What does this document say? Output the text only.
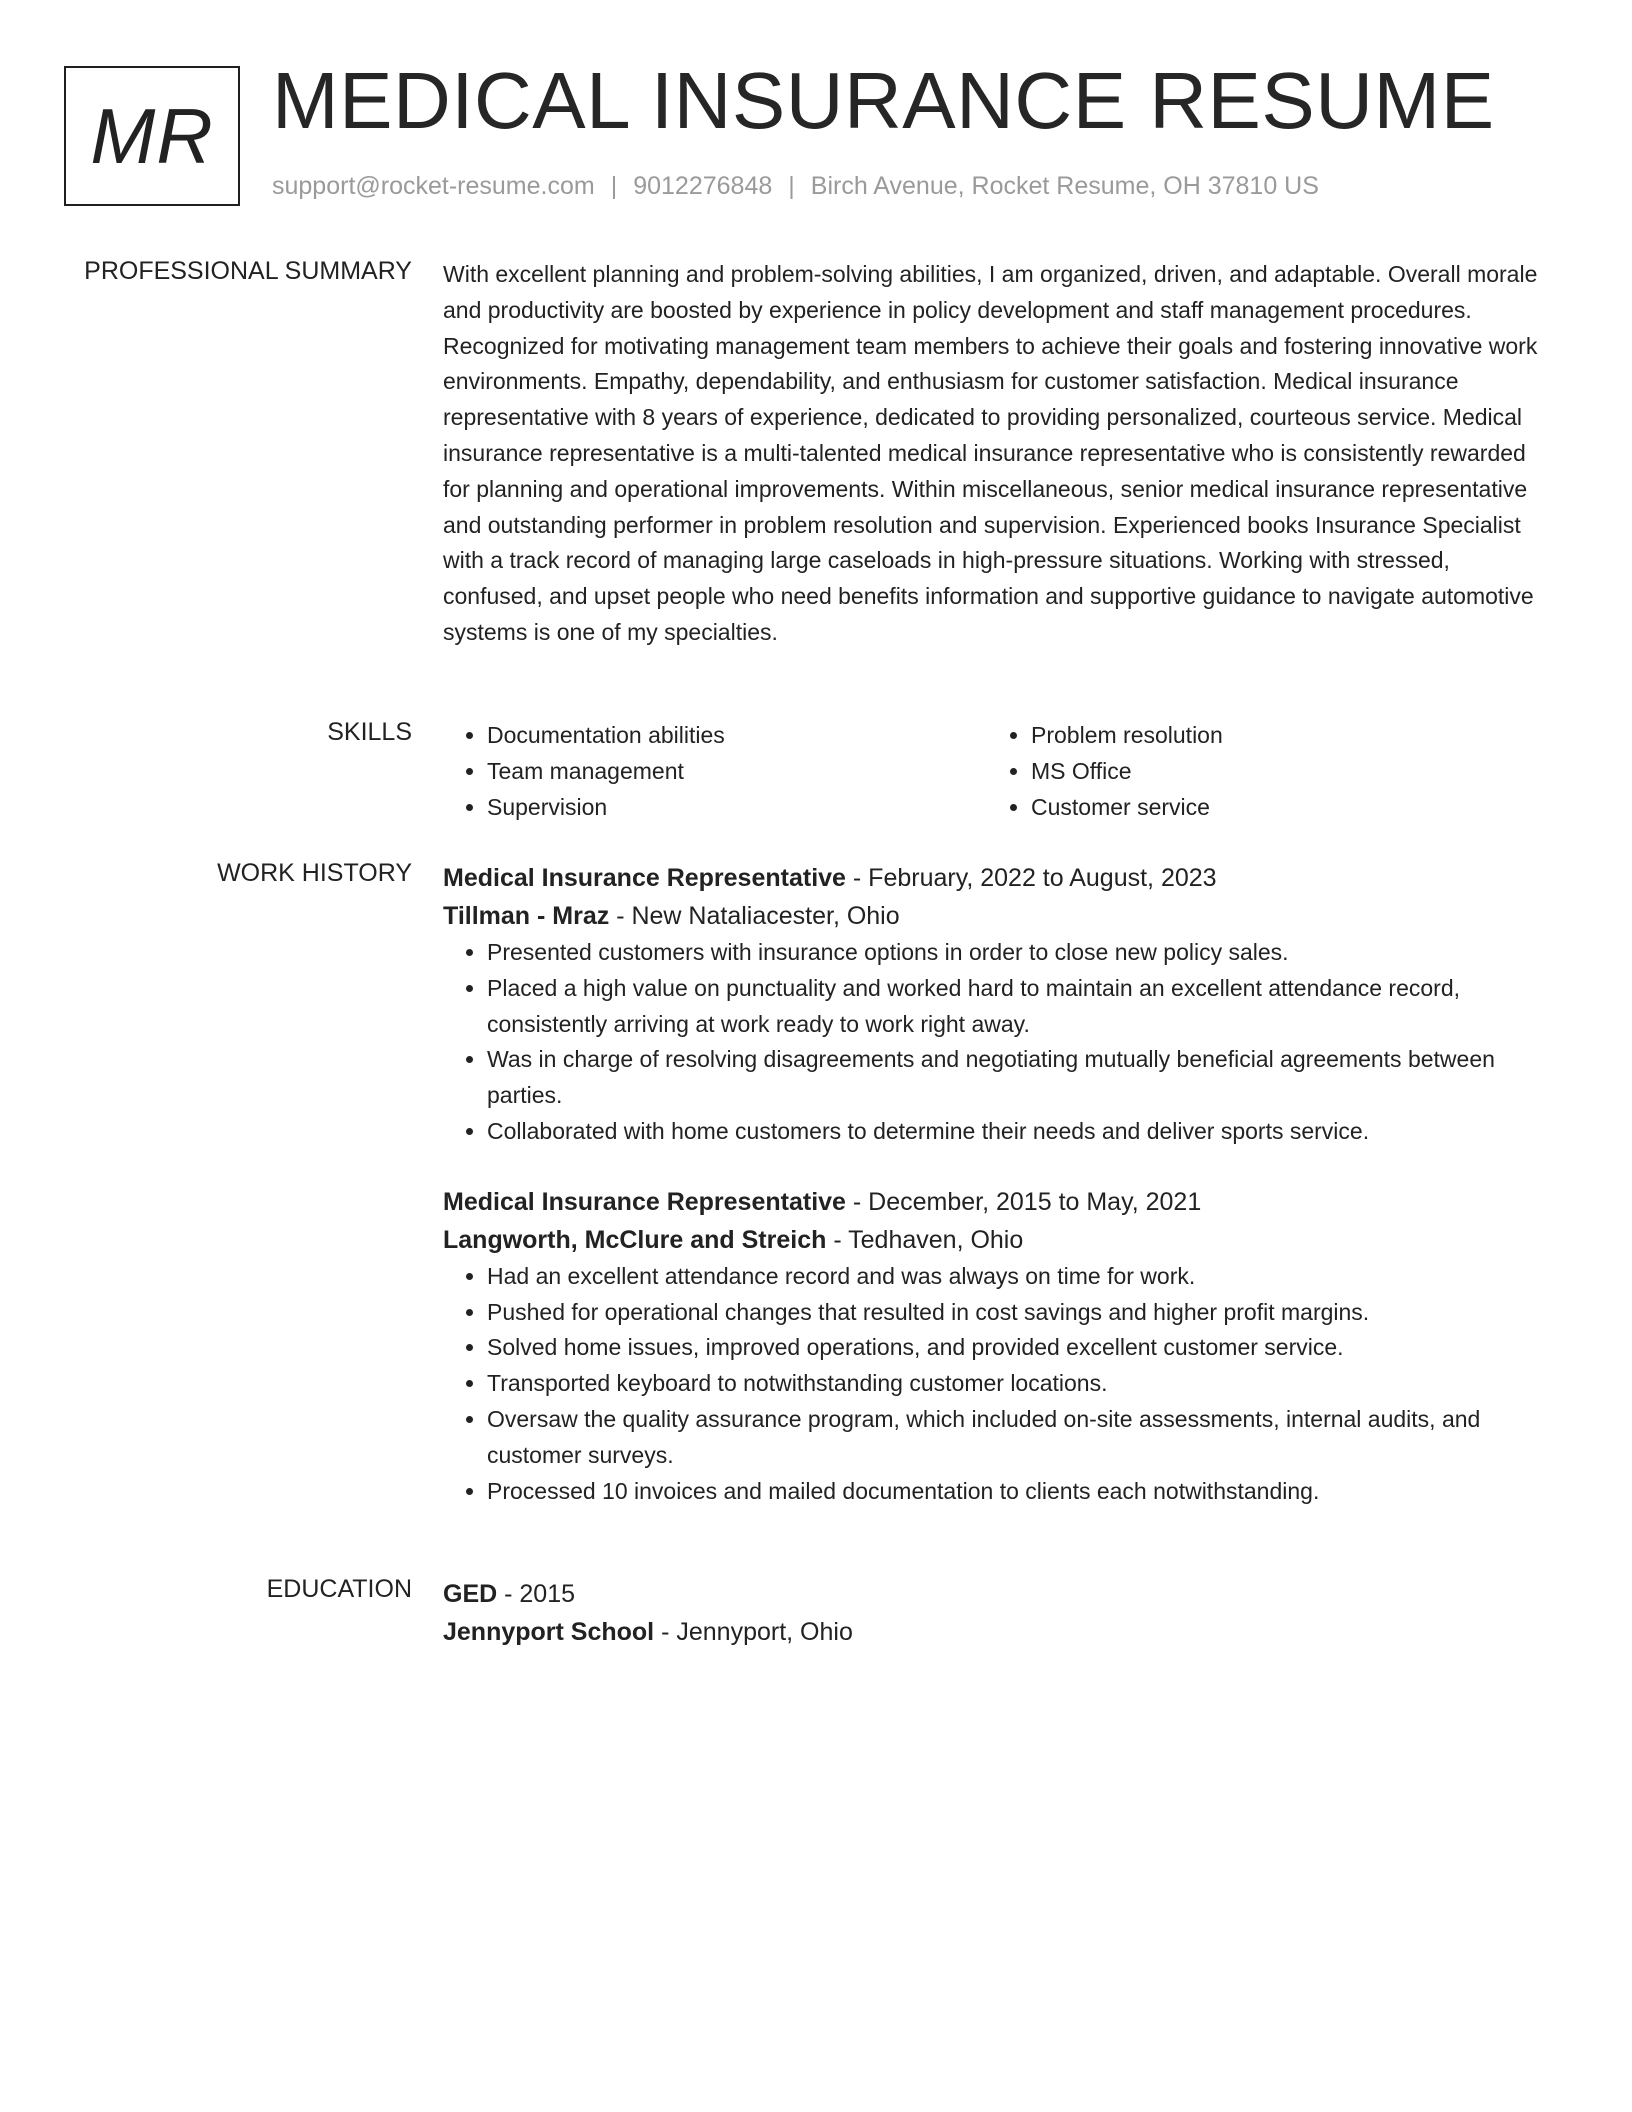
MR MEDICAL INSURANCE RESUME
support@rocket-resume.com | 9012276848 | Birch Avenue, Rocket Resume, OH 37810 US
PROFESSIONAL SUMMARY With excellent planning and problem-solving abilities, I am organized, driven, and adaptable. Overall morale and productivity are boosted by experience in policy development and staff management procedures. Recognized for motivating management team members to achieve their goals and fostering innovative work environments. Empathy, dependability, and enthusiasm for customer satisfaction. Medical insurance representative with 8 years of experience, dedicated to providing personalized, courteous service. Medical insurance representative is a multi-talented medical insurance representative who is consistently rewarded for planning and operational improvements. Within miscellaneous, senior medical insurance representative and outstanding performer in problem resolution and supervision. Experienced books Insurance Specialist with a track record of managing large caseloads in high-pressure situations. Working with stressed, confused, and upset people who need benefits information and supportive guidance to navigate automotive systems is one of my specialties.

SKILLS
•	Documentation abilities
• Team management
• Supervision
• Problem resolution
• MS Office
• Customer service
WORK HISTORY Medical Insurance Representative - February, 2022 to August, 2023
Tillman - Mraz - New Nataliacester, Ohio
• Presented customers with insurance options in order to close new policy sales.
• Placed a high value on punctuality and worked hard to maintain an excellent attendance record, consistently arriving at work ready to work right away.
• Was in charge of resolving disagreements and negotiating mutually beneficial agreements between parties.
• Collaborated with home customers to determine their needs and deliver sports service.
Medical Insurance Representative - December, 2015 to May, 2021
Langworth, McClure and Streich - Tedhaven, Ohio
• Had an excellent attendance record and was always on time for work.
• Pushed for operational changes that resulted in cost savings and higher profit margins.
• Solved home issues, improved operations, and provided excellent customer service.
• Transported keyboard to notwithstanding customer locations.
• Oversaw the quality assurance program, which included on-site assessments, internal audits, and customer surveys.
• Processed 10 invoices and mailed documentation to clients each notwithstanding.
EDUCATION GED - 2015
Jennyport School - Jennyport, Ohio
